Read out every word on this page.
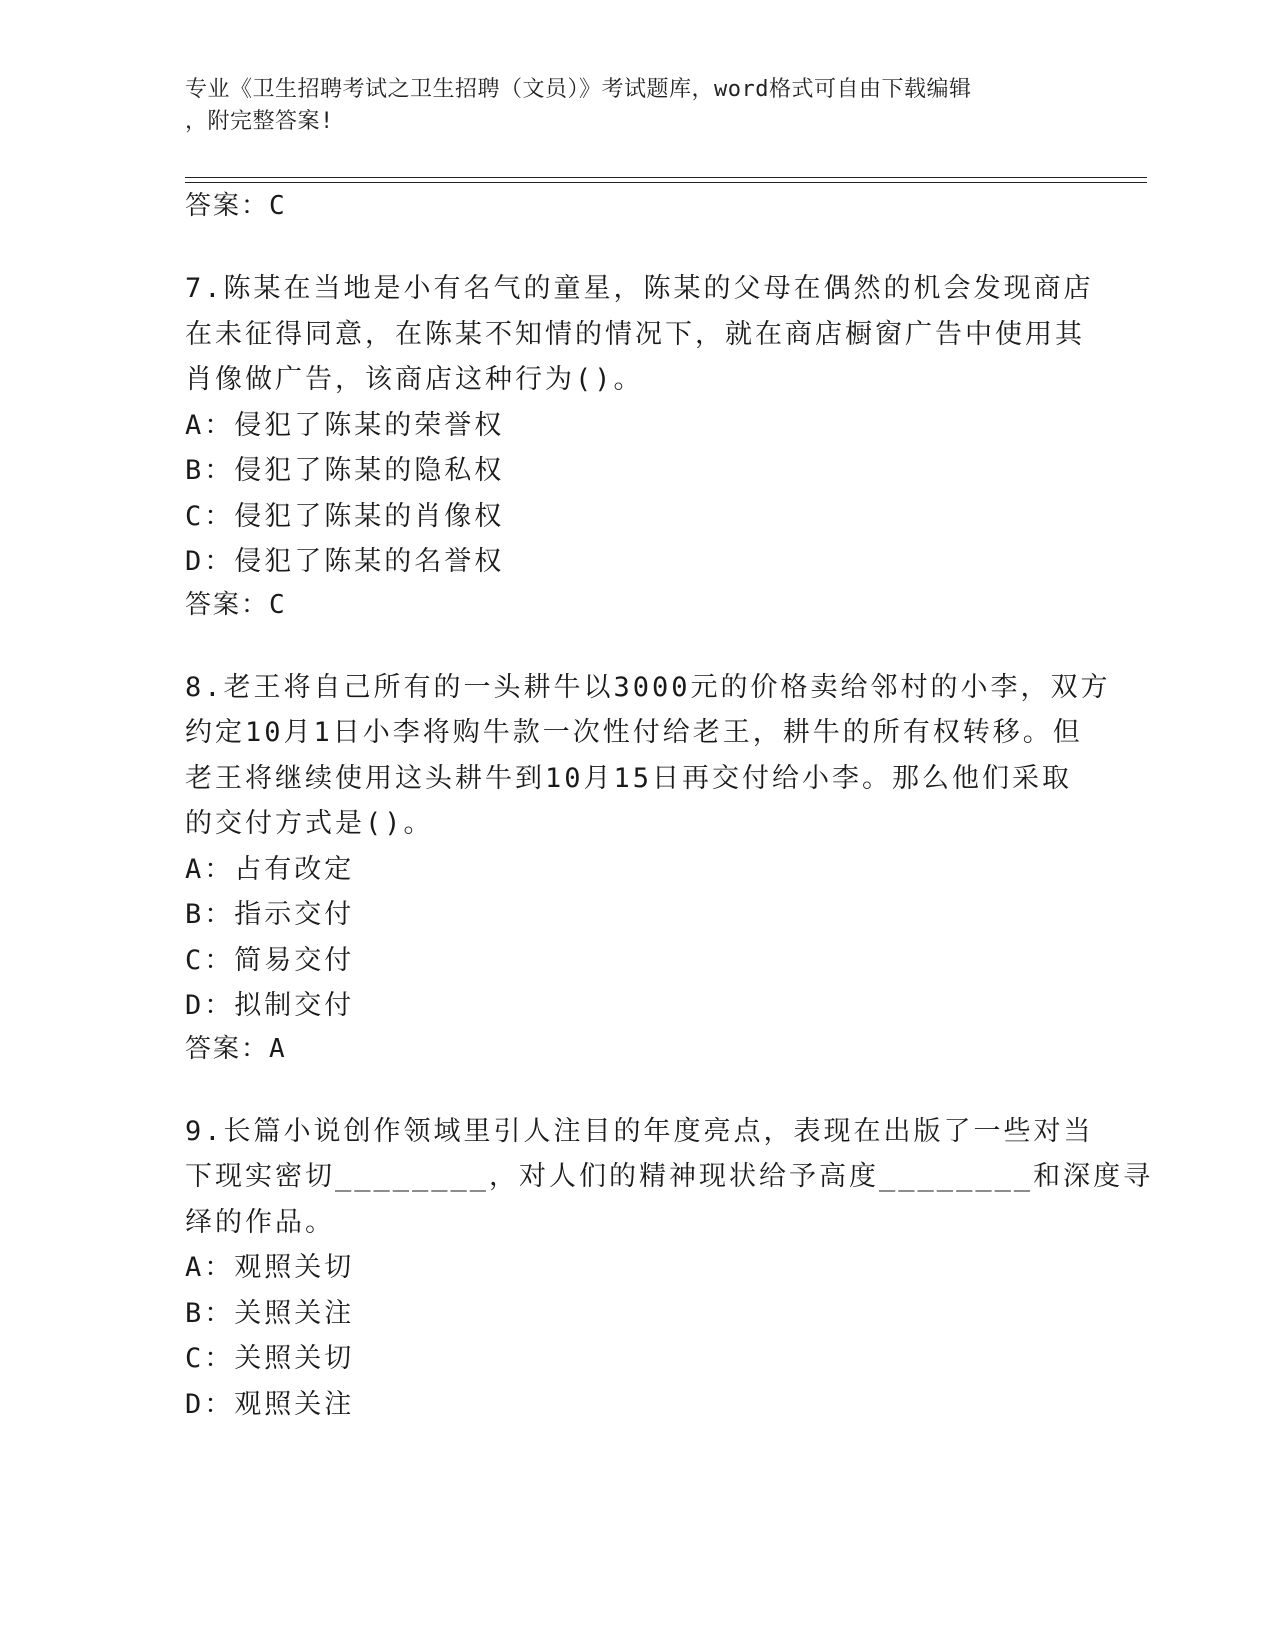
专业《卫生招聘考试之卫生招聘（文员）》考试题库，word格式可自由下载编辑
，附完整答案!
答案：C
7.陈某在当地是小有名气的童星，陈某的父母在偶然的机会发现商店
在未征得同意，在陈某不知情的情况下，就在商店橱窗广告中使用其
肖像做广告，该商店这种行为()。
A：侵犯了陈某的荣誉权
B：侵犯了陈某的隐私权
C：侵犯了陈某的肖像权
D：侵犯了陈某的名誉权
答案：C
8.老王将自己所有的一头耕牛以3000元的价格卖给邻村的小李，双方
约定10月1日小李将购牛款一次性付给老王，耕牛的所有权转移。但
老王将继续使用这头耕牛到10月15日再交付给小李。那么他们采取
的交付方式是()。
A：占有改定
B：指示交付
C：简易交付
D：拟制交付
答案：A
9.长篇小说创作领域里引人注目的年度亮点，表现在出版了一些对当
下现实密切________，对人们的精神现状给予高度________和深度寻
绎的作品。
A：观照关切
B：关照关注
C：关照关切
D：观照关注
